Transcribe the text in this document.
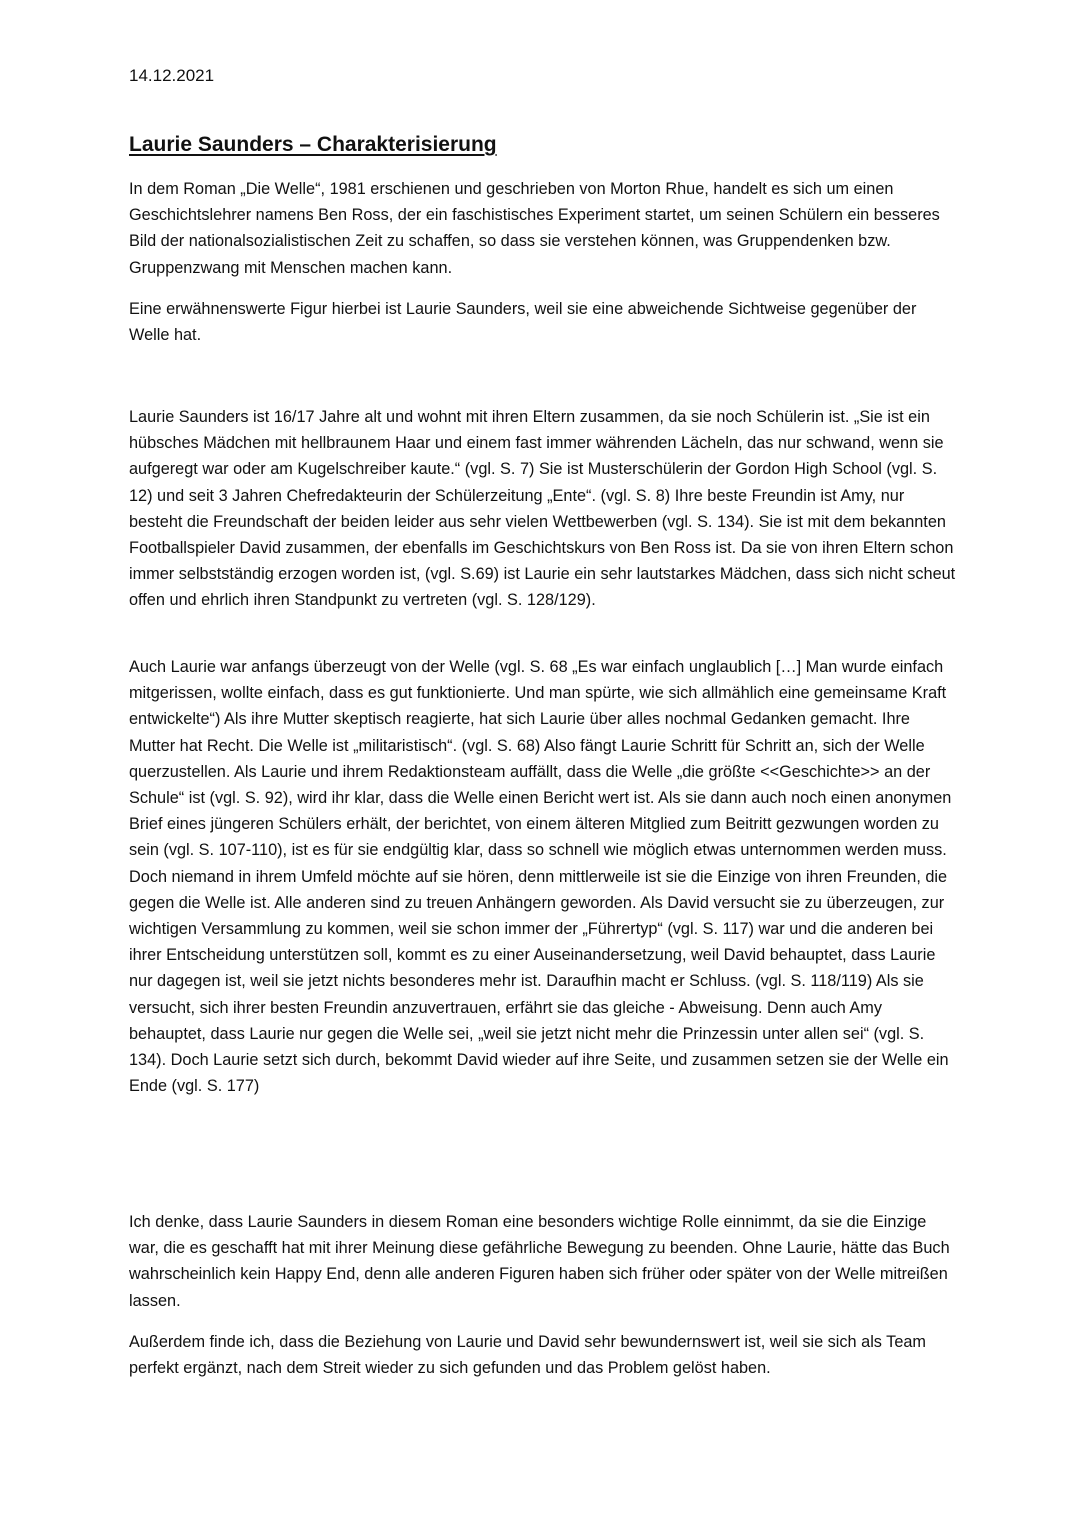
14.12.2021
Laurie Saunders – Charakterisierung

In dem Roman „Die Welle“, 1981 erschienen und geschrieben von Morton Rhue, handelt es sich um einen Geschichtslehrer namens Ben Ross, der ein faschistisches Experiment startet, um seinen Schülern ein besseres Bild der nationalsozialistischen Zeit zu schaffen, so dass sie verstehen können, was Gruppendenken bzw. Gruppenzwang mit Menschen machen kann.

Eine erwähnenswerte Figur hierbei ist Laurie Saunders, weil sie eine abweichende Sichtweise gegenüber der Welle hat.

Laurie Saunders ist 16/17 Jahre alt und wohnt mit ihren Eltern zusammen, da sie noch Schülerin ist. „Sie ist ein hübsches Mädchen mit hellbraunem Haar und einem fast immer währenden Lächeln, das nur schwand, wenn sie aufgeregt war oder am Kugelschreiber kaute.“ (vgl. S. 7) Sie ist Musterschülerin der Gordon High School (vgl. S. 12) und seit 3 Jahren Chefredakteurin der Schülerzeitung „Ente“. (vgl. S. 8) Ihre beste Freundin ist Amy, nur besteht die Freundschaft der beiden leider aus sehr vielen Wettbewerben (vgl. S. 134). Sie ist mit dem bekannten Footballspieler David zusammen, der ebenfalls im Geschichtskurs von Ben Ross ist. Da sie von ihren Eltern schon immer selbstständig erzogen worden ist, (vgl. S.69) ist Laurie ein sehr lautstarkes Mädchen, dass sich nicht scheut offen und ehrlich ihren Standpunkt zu vertreten (vgl. S. 128/129).

Auch Laurie war anfangs überzeugt von der Welle (vgl. S. 68 „Es war einfach unglaublich […] Man wurde einfach mitgerissen, wollte einfach, dass es gut funktionierte. Und man spürte, wie sich allmählich eine gemeinsame Kraft entwickelte“) Als ihre Mutter skeptisch reagierte, hat sich Laurie über alles nochmal Gedanken gemacht. Ihre Mutter hat Recht. Die Welle ist „militaristisch“. (vgl. S. 68) Also fängt Laurie Schritt für Schritt an, sich der Welle querzustellen. Als Laurie und ihrem Redaktionsteam auffällt, dass die Welle „die größte <<Geschichte>> an der Schule“ ist (vgl. S. 92), wird ihr klar, dass die Welle einen Bericht wert ist. Als sie dann auch noch einen anonymen Brief eines jüngeren Schülers erhält, der berichtet, von einem älteren Mitglied zum Beitritt gezwungen worden zu sein (vgl. S. 107-110), ist es für sie endgültig klar, dass so schnell wie möglich etwas unternommen werden muss. Doch niemand in ihrem Umfeld möchte auf sie hören, denn mittlerweile ist sie die Einzige von ihren Freunden, die gegen die Welle ist. Alle anderen sind zu treuen Anhängern geworden. Als David versucht sie zu überzeugen, zur wichtigen Versammlung zu kommen, weil sie schon immer der „Führertyp“ (vgl. S. 117) war und die anderen bei ihrer Entscheidung unterstützen soll, kommt es zu einer Auseinandersetzung, weil David behauptet, dass Laurie nur dagegen ist, weil sie jetzt nichts besonderes mehr ist. Daraufhin macht er Schluss. (vgl. S. 118/119) Als sie versucht, sich ihrer besten Freundin anzuvertrauen, erfährt sie das gleiche - Abweisung. Denn auch Amy behauptet, dass Laurie nur gegen die Welle sei, „weil sie jetzt nicht mehr die Prinzessin unter allen sei“ (vgl. S. 134). Doch Laurie setzt sich durch, bekommt David wieder auf ihre Seite, und zusammen setzen sie der Welle ein Ende (vgl. S. 177)

Ich denke, dass Laurie Saunders in diesem Roman eine besonders wichtige Rolle einnimmt, da sie die Einzige war, die es geschafft hat mit ihrer Meinung diese gefährliche Bewegung zu beenden. Ohne Laurie, hätte das Buch wahrscheinlich kein Happy End, denn alle anderen Figuren haben sich früher oder später von der Welle mitreißen lassen.

Außerdem finde ich, dass die Beziehung von Laurie und David sehr bewundernswert ist, weil sie sich als Team perfekt ergänzt, nach dem Streit wieder zu sich gefunden und das Problem gelöst haben.
